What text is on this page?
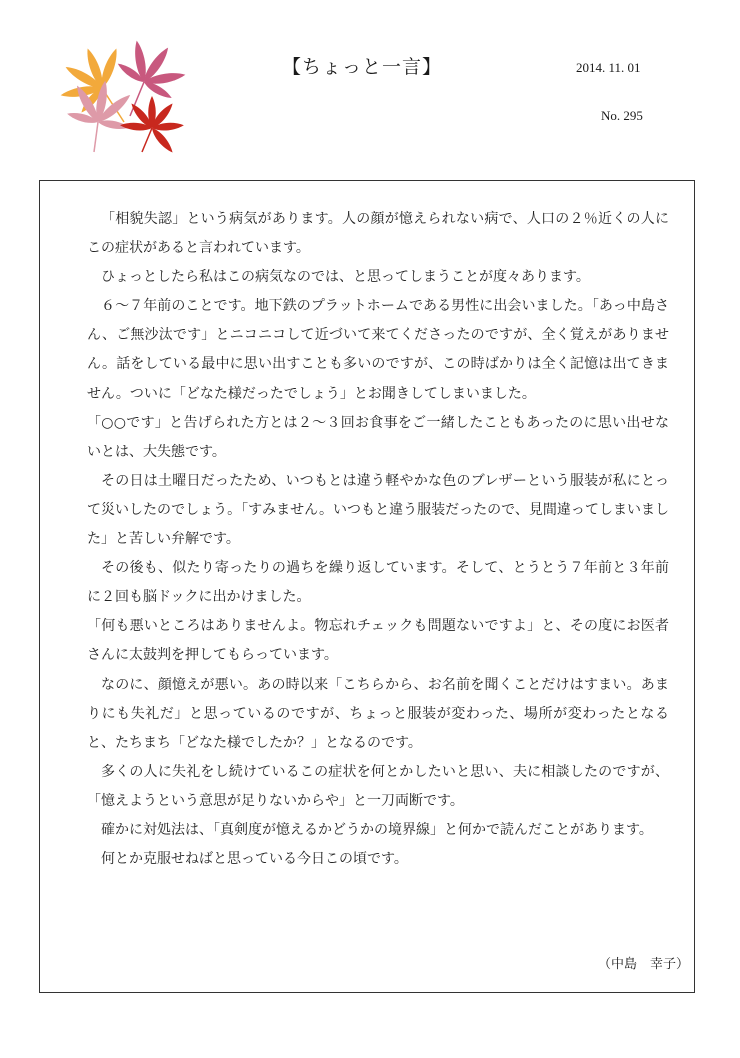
【ちょっと一言】	2014. 11. 01
No. 295

「相貌失認」という病気があります。人の顔が憶えられない病で、人口の２％近くの人にこの症状があると言われています。

ひょっとしたら私はこの病気なのでは、と思ってしまうことが度々あります。

６～７年前のことです。地下鉄のプラットホームである男性に出会いました。「あっ中島さん、ご無沙汰です」とニコニコして近づいて来てくださったのですが、全く覚えがありません。話をしている最中に思い出すことも多いのですが、この時ばかりは全く記憶は出てきません。ついに「どなた様だったでしょう」とお聞きしてしまいました。

「○○です」と告げられた方とは２～３回お食事をご一緒したこともあったのに思い出せないとは、大失態です。

その日は土曜日だったため、いつもとは違う軽やかな色のブレザーという服装が私にとって災いしたのでしょう。「すみません。いつもと違う服装だったので、見間違ってしまいました」と苦しい弁解です。

その後も、似たり寄ったりの過ちを繰り返しています。そして、とうとう７年前と３年前に２回も脳ドックに出かけました。

「何も悪いところはありませんよ。物忘れチェックも問題ないですよ」と、その度にお医者さんに太鼓判を押してもらっています。

なのに、顔憶えが悪い。あの時以来「こちらから、お名前を聞くことだけはすまい。あまりにも失礼だ」と思っているのですが、ちょっと服装が変わった、場所が変わったとなると、たちまち「どなた様でしたか？」となるのです。

多くの人に失礼をし続けているこの症状を何とかしたいと思い、夫に相談したのですが、「憶えようという意思が足りないからや」と一刀両断です。

確かに対処法は、「真剣度が憶えるかどうかの境界線」と何かで読んだことがあります。

何とか克服せねばと思っている今日この頃です。

（中島　幸子）
